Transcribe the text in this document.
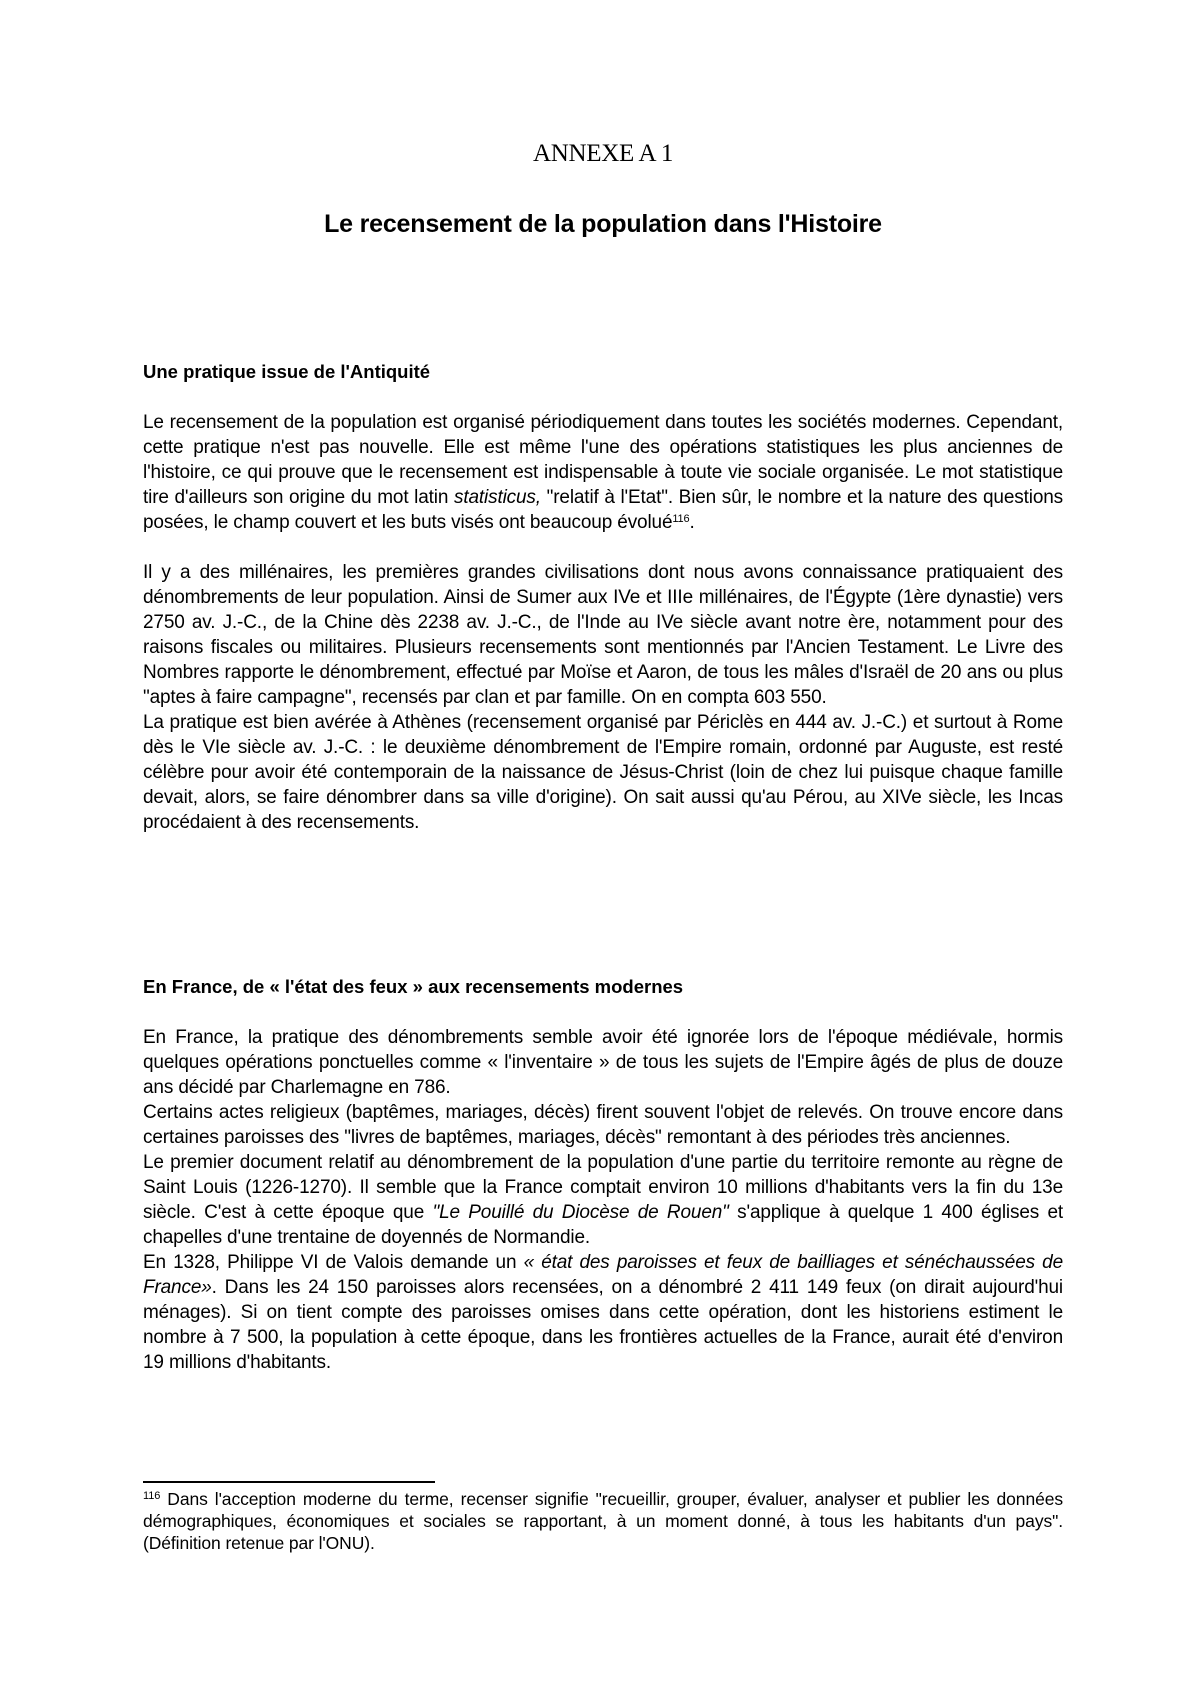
ANNEXE A 1
Le recensement de la population dans l'Histoire

Une pratique issue de l'Antiquité

Le recensement de la population est organisé périodiquement dans toutes les sociétés modernes. Cependant, cette pratique n'est pas nouvelle. Elle est même l'une des opérations statistiques les plus anciennes de l'histoire, ce qui prouve que le recensement est indispensable à toute vie sociale organisée. Le mot statistique tire d'ailleurs son origine du mot latin statisticus, "relatif à l'Etat". Bien sûr, le nombre et la nature des questions posées, le champ couvert et les buts visés ont beaucoup évolué$^{116}$.

Il y a des millénaires, les premières grandes civilisations dont nous avons connaissance pratiquaient des dénombrements de leur population. Ainsi de Sumer aux IVe et IIIe millénaires, de l'Égypte (1ère dynastie) vers 2750 av. J.-C., de la Chine dès 2238 av. J.-C., de l'Inde au IVe siècle avant notre ère, notamment pour des raisons fiscales ou militaires. Plusieurs recensements sont mentionnés par l'Ancien Testament. Le Livre des Nombres rapporte le dénombrement, effectué par Moïse et Aaron, de tous les mâles d'Israël de 20 ans ou plus "aptes à faire campagne", recensés par clan et par famille. On en compta 603 550.

La pratique est bien avérée à Athènes (recensement organisé par Périclès en 444 av. J.-C.) et surtout à Rome dès le VIe siècle av. J.-C. : le deuxième dénombrement de l'Empire romain, ordonné par Auguste, est resté célèbre pour avoir été contemporain de la naissance de Jésus-Christ (loin de chez lui puisque chaque famille devait, alors, se faire dénombrer dans sa ville d'origine). On sait aussi qu'au Pérou, au XIVe siècle, les Incas procédaient à des recensements.

En France, de « l'état des feux » aux recensements modernes

En France, la pratique des dénombrements semble avoir été ignorée lors de l'époque médiévale, hormis quelques opérations ponctuelles comme « l'inventaire » de tous les sujets de l'Empire âgés de plus de douze ans décidé par Charlemagne en 786.

Certains actes religieux (baptêmes, mariages, décès) firent souvent l'objet de relevés. On trouve encore dans certaines paroisses des "livres de baptêmes, mariages, décès" remontant à des périodes très anciennes.

Le premier document relatif au dénombrement de la population d'une partie du territoire remonte au règne de Saint Louis (1226-1270). Il semble que la France comptait environ 10 millions d'habitants vers la fin du 13e siècle. C'est à cette époque que "Le Pouillé du Diocèse de Rouen" s'applique à quelque 1 400 églises et chapelles d'une trentaine de doyennés de Normandie.

En 1328, Philippe VI de Valois demande un « état des paroisses et feux de bailliages et sénéchaussées de France». Dans les 24 150 paroisses alors recensées, on a dénombré 2 411 149 feux (on dirait aujourd'hui ménages). Si on tient compte des paroisses omises dans cette opération, dont les historiens estiment le nombre à 7 500, la population à cette époque, dans les frontières actuelles de la France, aurait été d'environ 19 millions d'habitants.

$^{116}$ Dans l'acception moderne du terme, recenser signifie "recueillir, grouper, évaluer, analyser et publier les données démographiques, économiques et sociales se rapportant, à un moment donné, à tous les habitants d'un pays". (Définition retenue par l'ONU).
